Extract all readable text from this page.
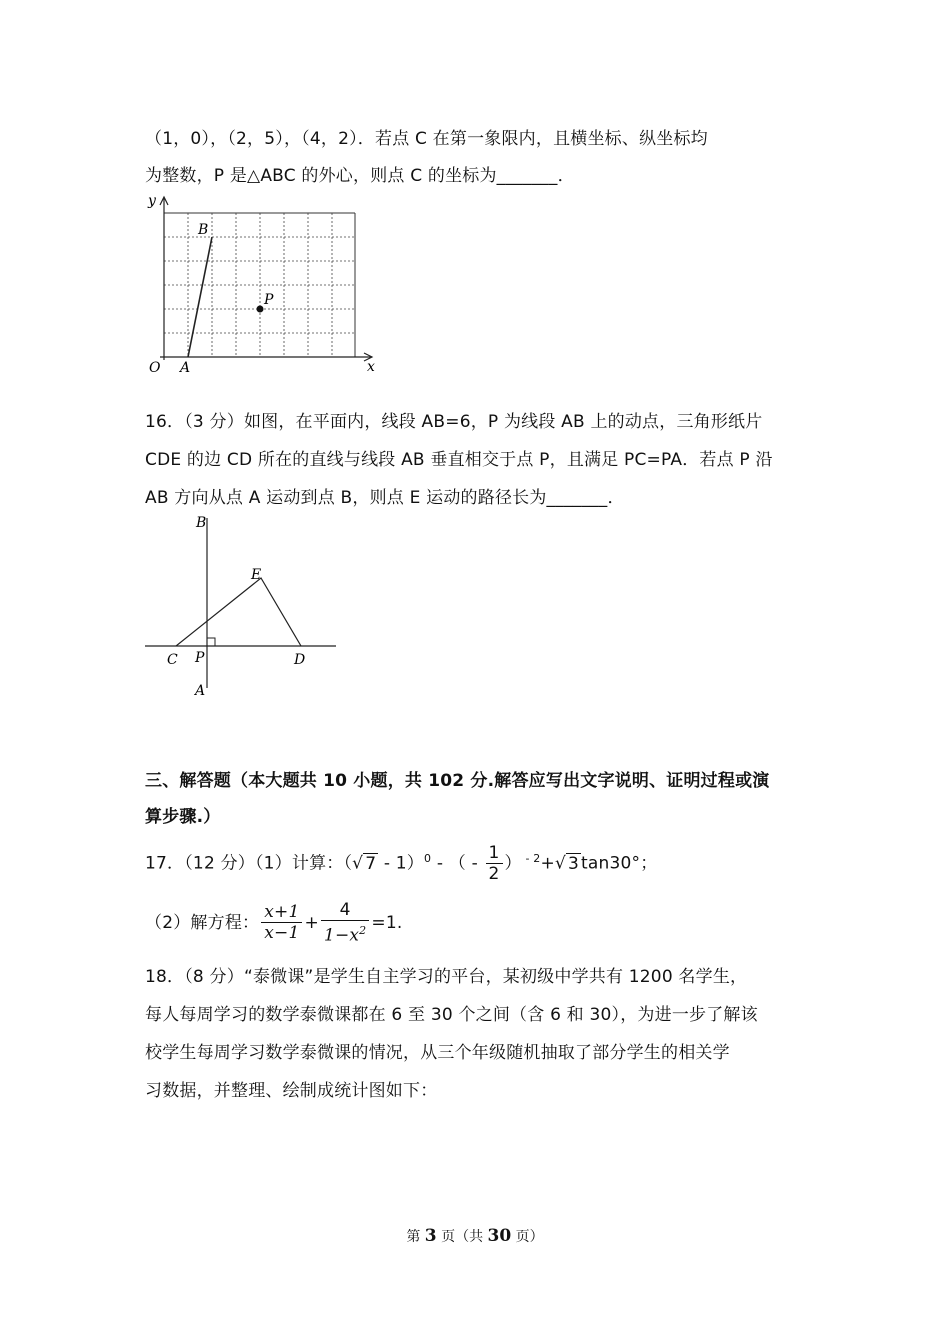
（1，0），（2，5），（4，2）．若点 C 在第一象限内，且横坐标、纵坐标均
为整数，P 是△ABC 的外心，则点 C 的坐标为_______．
y
B
P
O A	x
16．（3 分）如图，在平面内，线段 AB=6，P 为线段 AB 上的动点，三角形纸片
CDE 的边 CD 所在的直线与线段 AB 垂直相交于点 P，且满足 PC=PA．若点 P 沿
AB 方向从点 A 运动到点 B，则点 E 运动的路径长为_______．
B
E
C P	D
A
三、解答题（本大题共 10 小题，共 102 分.解答应写出文字说明、证明过程或演
算步骤.）
17．（12 分）（1）计算：（√ 7 - 1）$^0$ - （ - $\frac{1}{2}$ ） $^{- 2}$+√ 3 tan30°；
（2）解方程： $\frac{x+1}{x-1} + \frac{4}{1-x^2} =1$.
18．（8 分）“泰微课”是学生自主学习的平台，某初级中学共有 1200 名学生，
每人每周学习的数学泰微课都在 6 至 30 个之间（含 6 和 30），为进一步了解该
校学生每周学习数学泰微课的情况，从三个年级随机抽取了部分学生的相关学
习数据，并整理、绘制成统计图如下：
第 3 页（共 30 页）
